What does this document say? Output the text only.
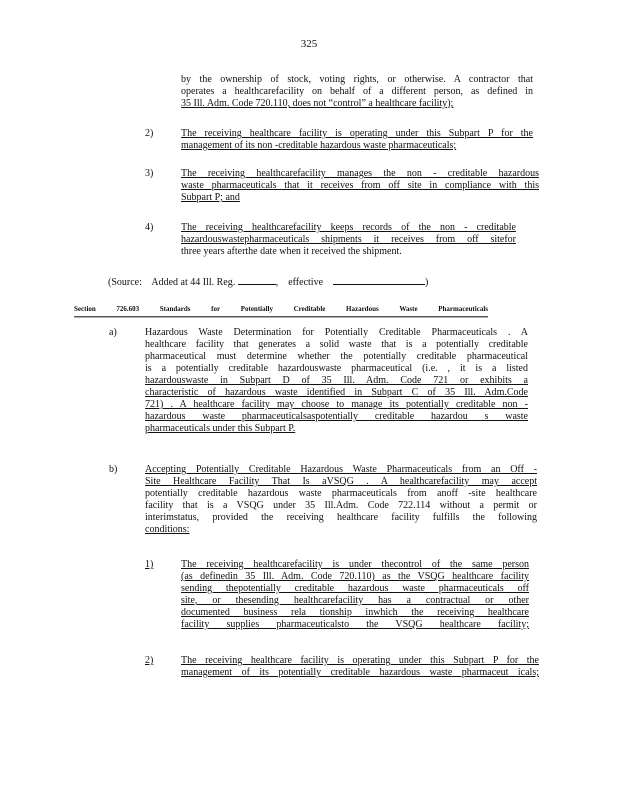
325
by the ownership of stock, voting rights, or otherwise. A contractor that
operates a healthcarefacility on behalf of a different person, as defined in
35 Ill. Adm. Code 720.110, does not “control” a healthcare facility);
2)	The receiving healthcare facility is operating under this Subpart P for the
management of its non -creditable hazardous waste pharmaceuticals;
3)	The receiving healthcarefacility manages the non - creditable hazardous
waste pharmaceuticals that it receives from off site in compliance with this
Subpart P; and
4)	The receiving healthcarefacility keeps records of the non - creditable
hazardouswastepharmaceuticals shipments it receives from off sitefor
three years afterthe date when it received the shipment.
(Source: Added at 44 Ill. Reg.	, effective	)
Section	726.603	Standards	for	Potentially	Creditable	Hazardous	Waste	Pharmaceuticals
a)	Hazardous Waste Determination for Potentially Creditable Pharmaceuticals . A
healthcare facility that generates a solid waste that is a potentially creditable
pharmaceutical must determine whether the potentially creditable pharmaceutical
is a potentially creditable hazardouswaste pharmaceutical (i.e. , it is a listed
hazardouswaste in Subpart D of 35 Ill. Adm. Code 721 or exhibits a
characteristic of hazardous waste identified in Subpart C of 35 Ill. Adm.Code
721) . A healthcare facility may choose to manage its potentially creditable non -
hazardous waste pharmaceuticalsaspotentially creditable hazardou s waste
pharmaceuticals under this Subpart P.
b)	Accepting Potentially Creditable Hazardous Waste Pharmaceuticals from an Off -
Site Healthcare Facility That Is aVSQG . A healthcarefacility may accept
potentially creditable hazardous waste pharmaceuticals from anoff -site healthcare
facility that is a VSQG under 35 Ill.Adm. Code 722.114 without a permit or
interimstatus, provided the receiving healthcare facility fulfills the following
conditions:
1)	The receiving healthcarefacility is under thecontrol of the same person
(as definedin 35 Ill. Adm. Code 720.110) as the VSQG healthcare facility
sending thepotentially creditable hazardous waste pharmaceuticals off
site, or thesending healthcarefacility has a contractual or other
documented business rela tionship inwhich the receiving healthcare
facility supplies pharmaceuticalsto the VSQG healthcare facility;
2)	The receiving healthcare facility is operating under this Subpart P for the
management of its potentially creditable hazardous waste pharmaceut icals;
